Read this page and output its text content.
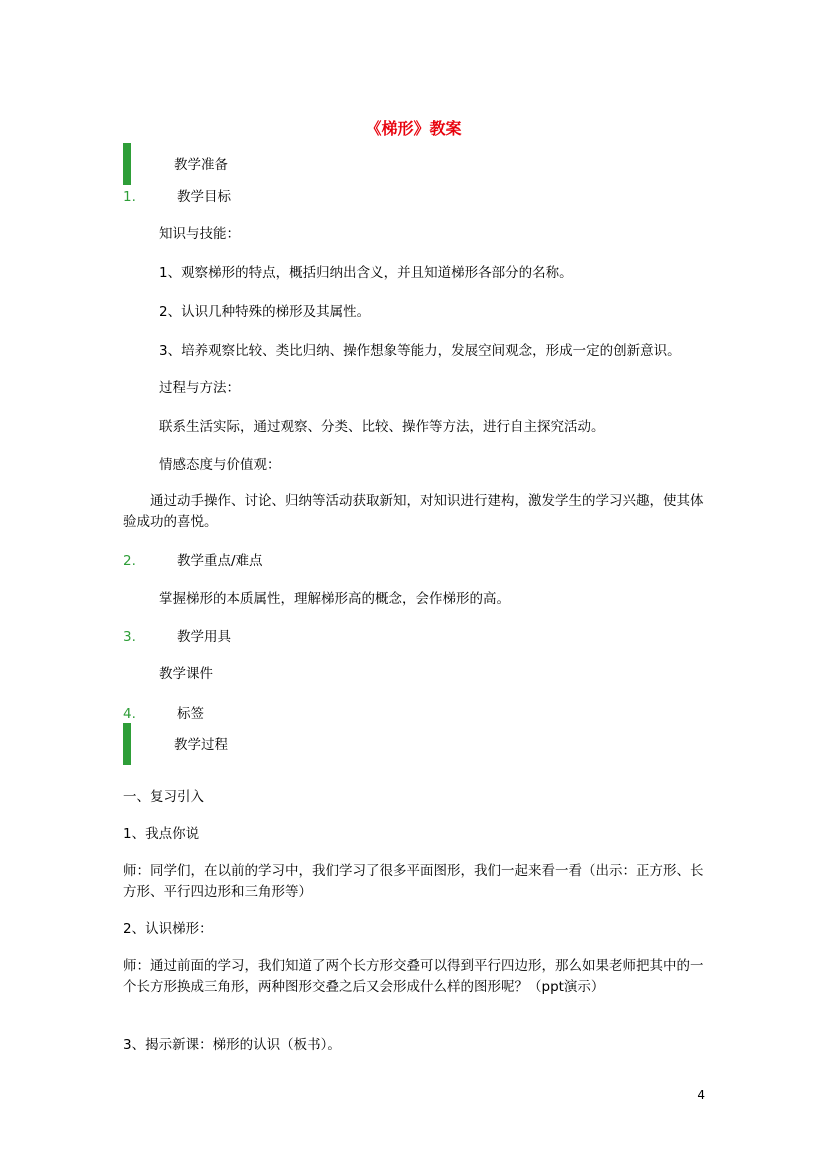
《梯形》教案
教学准备
1.	教学目标
知识与技能：
1、观察梯形的特点，概括归纳出含义，并且知道梯形各部分的名称。
2、认识几种特殊的梯形及其属性。
3、培养观察比较、类比归纳、操作想象等能力，发展空间观念，形成一定的创新意识。
过程与方法：
联系生活实际，通过观察、分类、比较、操作等方法，进行自主探究活动。
情感态度与价值观：
　　通过动手操作、讨论、归纳等活动获取新知，对知识进行建构，激发学生的学习兴趣，使其体验成功的喜悦。
2.	教学重点/难点
掌握梯形的本质属性，理解梯形高的概念，会作梯形的高。
3.	教学用具
教学课件
4.	标签
教学过程
一、复习引入
1、我点你说
师：同学们，在以前的学习中，我们学习了很多平面图形，我们一起来看一看（出示：正方形、长方形、平行四边形和三角形等）
2、认识梯形：
师：通过前面的学习，我们知道了两个长方形交叠可以得到平行四边形，那么如果老师把其中的一个长方形换成三角形，两种图形交叠之后又会形成什么样的图形呢？（ppt演示）
3、揭示新课：梯形的认识（板书）。
4
